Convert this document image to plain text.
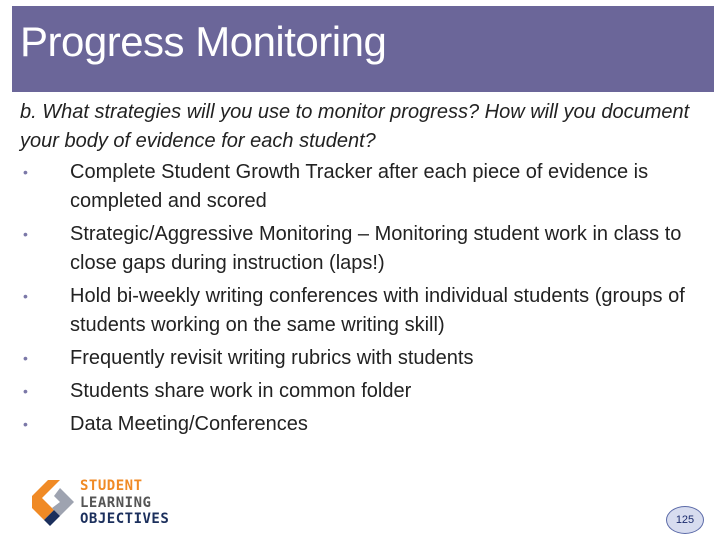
Progress Monitoring
b. What strategies will you use to monitor progress? How will you document your body of evidence for each student?
• Complete Student Growth Tracker after each piece of evidence is completed and scored
• Strategic/Aggressive Monitoring – Monitoring student work in class to close gaps during instruction (laps!)
• Hold bi-weekly writing conferences with individual students (groups of students working on the same writing skill)
• Frequently revisit writing rubrics with students
• Students share work in common folder
• Data Meeting/Conferences
STUDENT
LEARNING
OBJECTIVES	125
